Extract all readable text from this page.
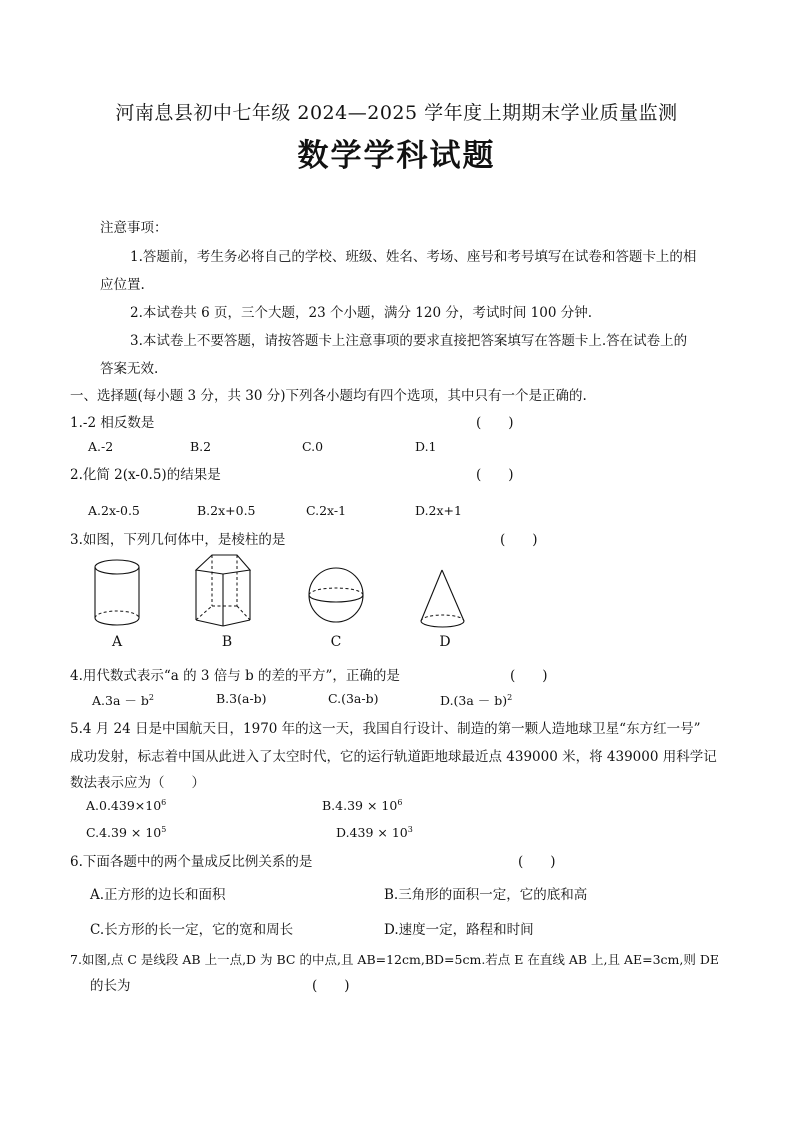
河南息县初中七年级 2024—2025 学年度上期期末学业质量监测
数学学科试题
注意事项：
1.答题前，考生务必将自己的学校、班级、姓名、考场、座号和考号填写在试卷和答题卡上的相
应位置.
2.本试卷共 6 页，三个大题，23 个小题，满分 120 分，考试时间 100 分钟.
3.本试卷上不要答题，请按答题卡上注意事项的要求直接把答案填写在答题卡上.答在试卷上的
答案无效.
一、选择题(每小题 3 分，共 30 分)下列各小题均有四个选项，其中只有一个是正确的.
1.-2 相反数是	(　　)
A.-2	B.2	C.0	D.1
2.化简 2(x-0.5)的结果是	(　　)
A.2x-0.5	B.2x+0.5	C.2x-1	D.2x+1
3.如图，下列几何体中，是棱柱的是	(　　)
A	B	C	D
4.用代数式表示“a 的 3 倍与 b 的差的平方”，正确的是	(　　)
$A.3a - b^2$	B.3(a-b)	C.(3a-b)	$D.(3a - b)^2$
5.4 月 24 日是中国航天日，1970 年的这一天，我国自行设计、制造的第一颗人造地球卫星“东方红一号”
成功发射，标志着中国从此进入了太空时代，它的运行轨道距地球最近点 439000 米，将 439000 用科学记
数法表示应为（　　）
$A.0.439\times 10^6$	$B.4.39 \times 10^6$
$C.4.39 \times 10^5$	$D.439 \times 10^3$
6.下面各题中的两个量成反比例关系的是	(　　)
A.正方形的边长和面积	B.三角形的面积一定，它的底和高
C.长方形的长一定，它的宽和周长	D.速度一定，路程和时间
7.如图,点 C 是线段 AB 上一点,D 为 BC 的中点,且 AB=12cm,BD=5cm.若点 E 在直线 AB 上,且 AE=3cm,则 DE
的长为	(　　)
